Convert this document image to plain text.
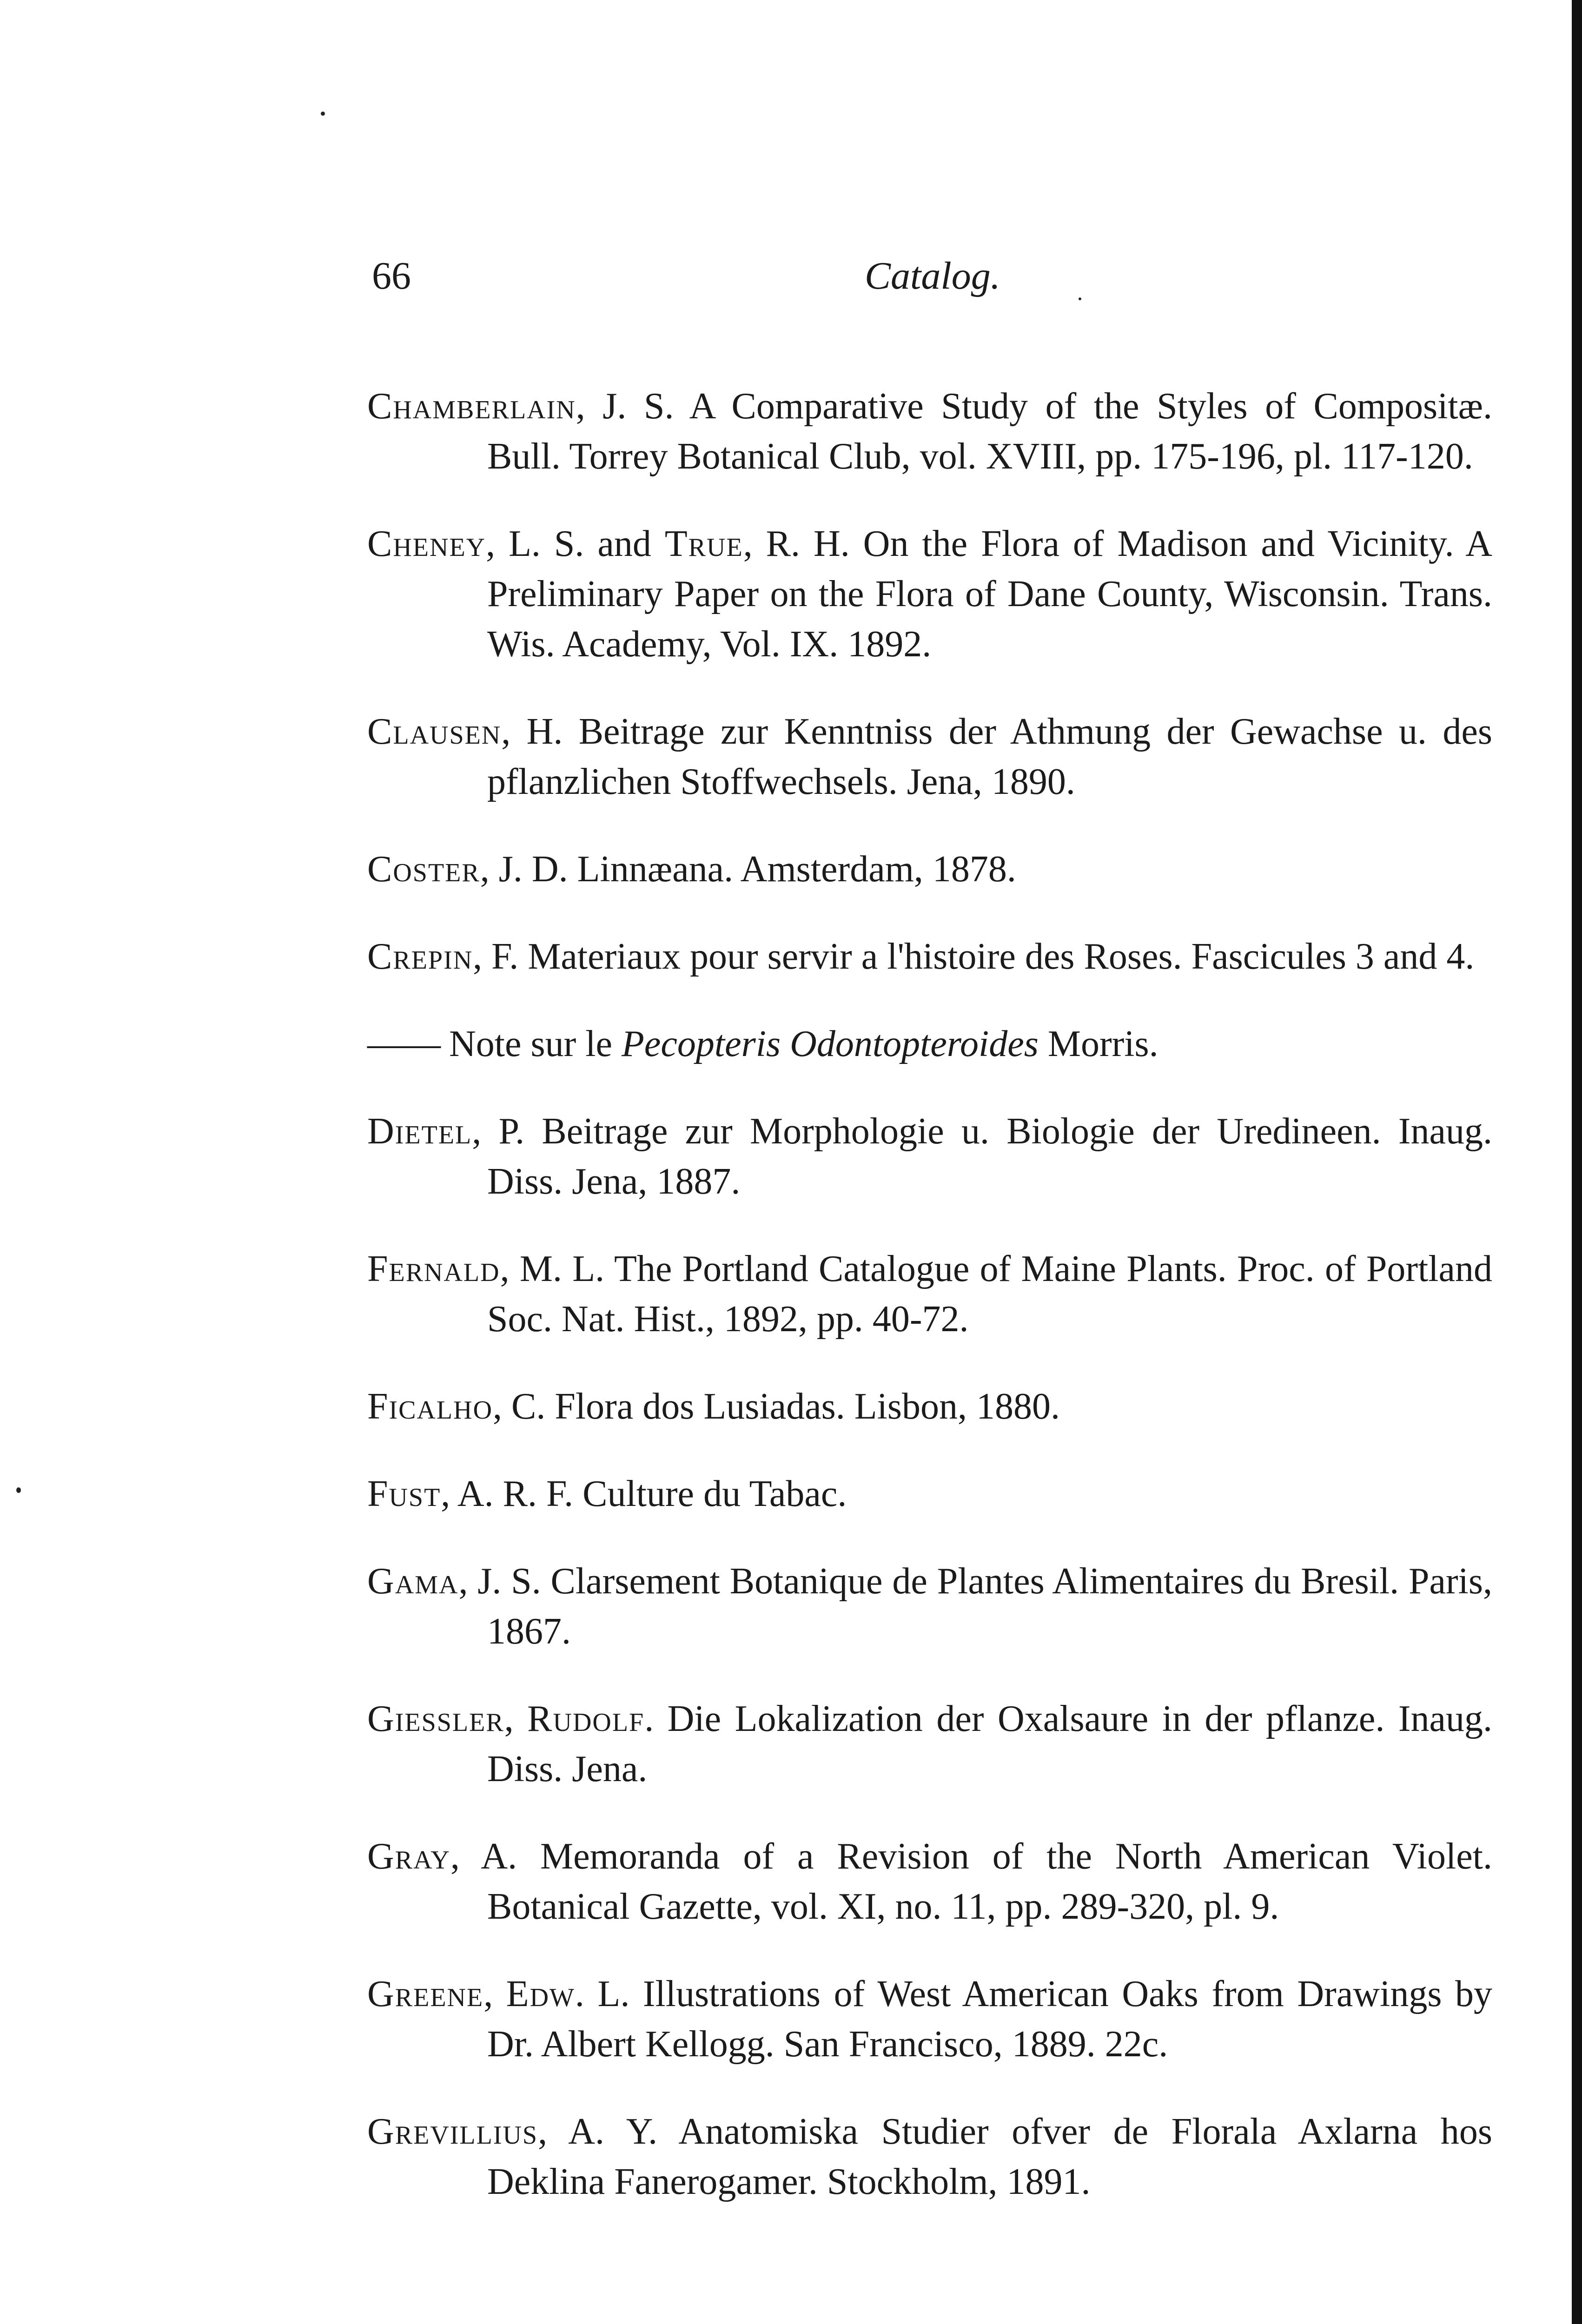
66	Catalog.

Chamberlain, J. S. A Comparative Study of the Styles of Compositæ. Bull. Torrey Botanical Club, vol. XVIII, pp. 175-196, pl. 117-120.

Cheney, L. S. and True, R. H. On the Flora of Madison and Vicinity. A Preliminary Paper on the Flora of Dane County, Wisconsin. Trans. Wis. Academy, Vol. IX. 1892.

Clausen, H. Beitrage zur Kenntniss der Athmung der Gewachse u. des pflanzlichen Stoffwechsels. Jena, 1890.

Coster, J. D. Linnæana. Amsterdam, 1878.

Crepin, F. Materiaux pour servir a l'histoire des Roses. Fascicules 3 and 4.

—— Note sur le Pecopteris Odontopteroides Morris.

Dietel, P. Beitrage zur Morphologie u. Biologie der Uredineen. Inaug. Diss. Jena, 1887.

Fernald, M. L. The Portland Catalogue of Maine Plants. Proc. of Portland Soc. Nat. Hist., 1892, pp. 40-72.

Ficalho, C. Flora dos Lusiadas. Lisbon, 1880.

Fust, A. R. F. Culture du Tabac.

Gama, J. S. Clarsement Botanique de Plantes Alimentaires du Bresil. Paris, 1867.

Giessler, Rudolf. Die Lokalization der Oxalsaure in der pflanze. Inaug. Diss. Jena.

Gray, A. Memoranda of a Revision of the North American Violet. Botanical Gazette, vol. XI, no. 11, pp. 289-320, pl. 9.

Greene, Edw. L. Illustrations of West American Oaks from Drawings by Dr. Albert Kellogg. San Francisco, 1889. 22c.

Grevillius, A. Y. Anatomiska Studier ofver de Florala Axlarna hos Deklina Fanerogamer. Stockholm, 1891.
